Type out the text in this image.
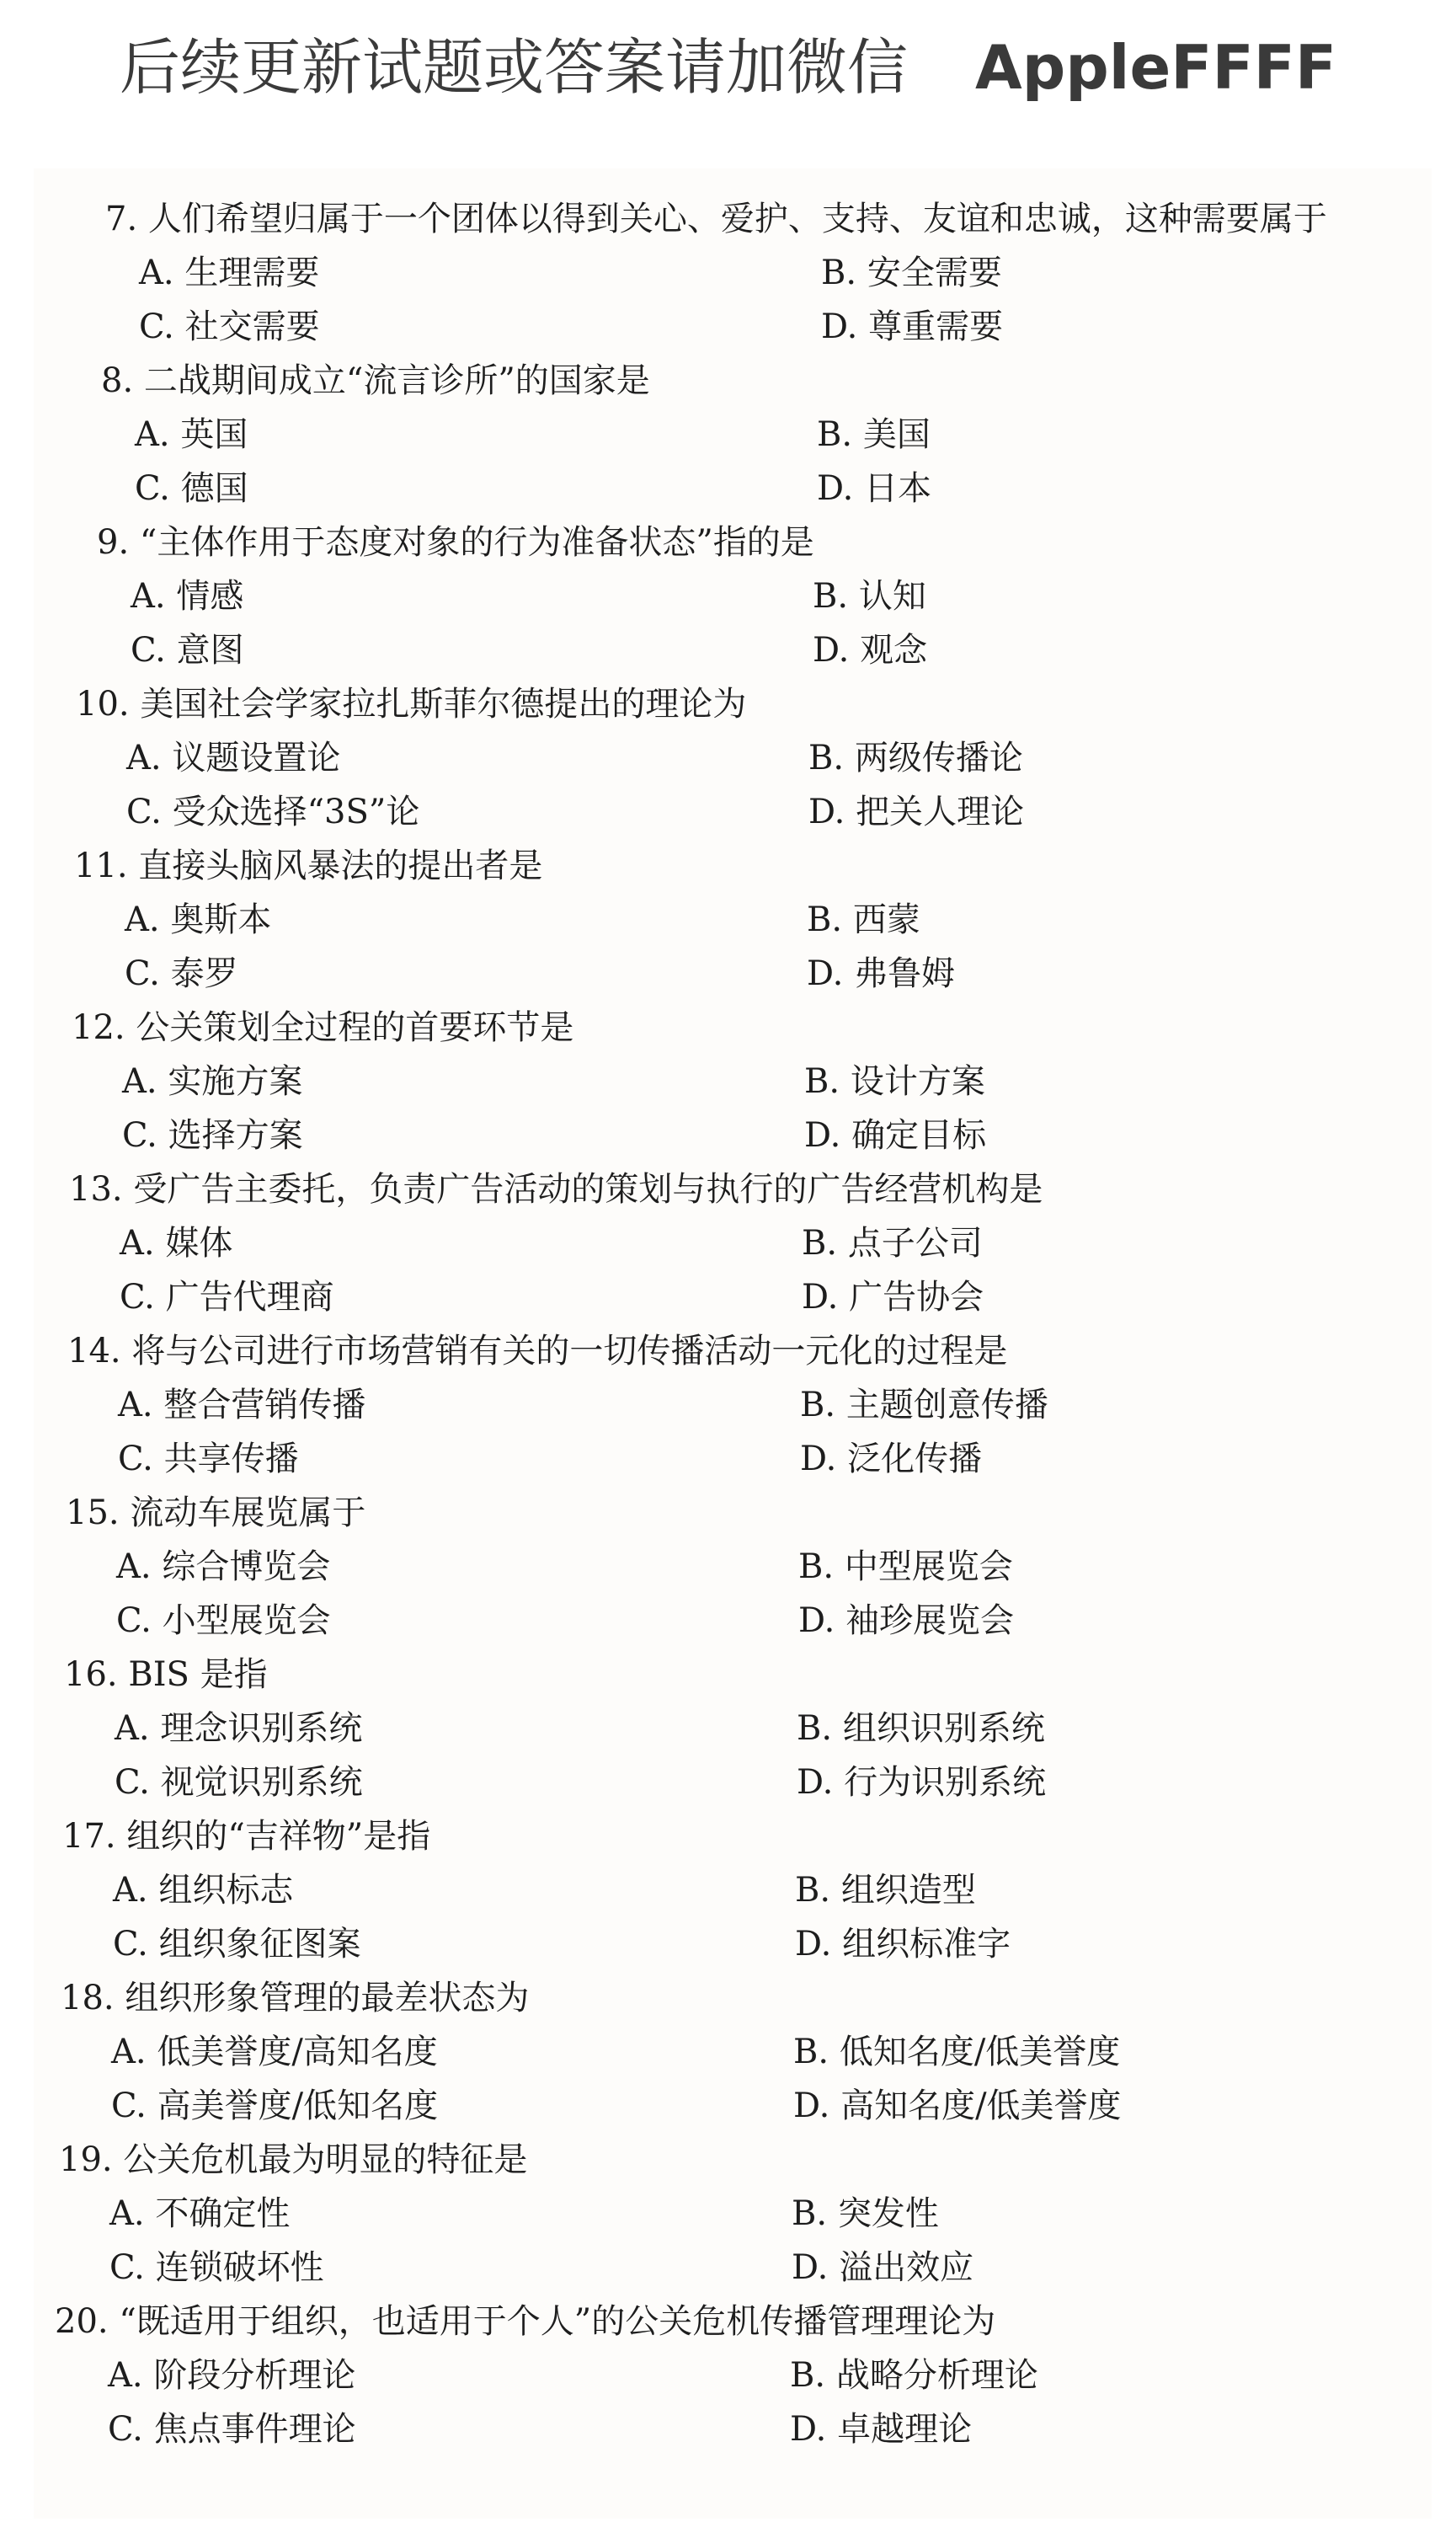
后续更新试题或答案请加微信 AppleFFFF
7. 人们希望归属于一个团体以得到关心、爱护、支持、友谊和忠诚，这种需要属于
A. 生理需要	B. 安全需要
C. 社交需要	D. 尊重需要
8. 二战期间成立“流言诊所”的国家是
A. 英国	B. 美国
C. 德国	D. 日本
9. “主体作用于态度对象的行为准备状态”指的是
A. 情感	B. 认知
C. 意图	D. 观念
10. 美国社会学家拉扎斯菲尔德提出的理论为
A. 议题设置论	B. 两级传播论
C. 受众选择“3S”论	D. 把关人理论
11. 直接头脑风暴法的提出者是
A. 奥斯本	B. 西蒙
C. 泰罗	D. 弗鲁姆
12. 公关策划全过程的首要环节是
A. 实施方案	B. 设计方案
C. 选择方案	D. 确定目标
13. 受广告主委托，负责广告活动的策划与执行的广告经营机构是
A. 媒体	B. 点子公司
C. 广告代理商	D. 广告协会
14. 将与公司进行市场营销有关的一切传播活动一元化的过程是
A. 整合营销传播	B. 主题创意传播
C. 共享传播	D. 泛化传播
15. 流动车展览属于
A. 综合博览会	B. 中型展览会
C. 小型展览会	D. 袖珍展览会
16. BIS 是指
A. 理念识别系统	B. 组织识别系统
C. 视觉识别系统	D. 行为识别系统
17. 组织的“吉祥物”是指
A. 组织标志	B. 组织造型
C. 组织象征图案	D. 组织标准字
18. 组织形象管理的最差状态为
A. 低美誉度/高知名度	B. 低知名度/低美誉度
C. 高美誉度/低知名度	D. 高知名度/低美誉度
19. 公关危机最为明显的特征是
A. 不确定性	B. 突发性
C. 连锁破坏性	D. 溢出效应
20. “既适用于组织，也适用于个人”的公关危机传播管理理论为
A. 阶段分析理论	B. 战略分析理论
C. 焦点事件理论	D. 卓越理论
